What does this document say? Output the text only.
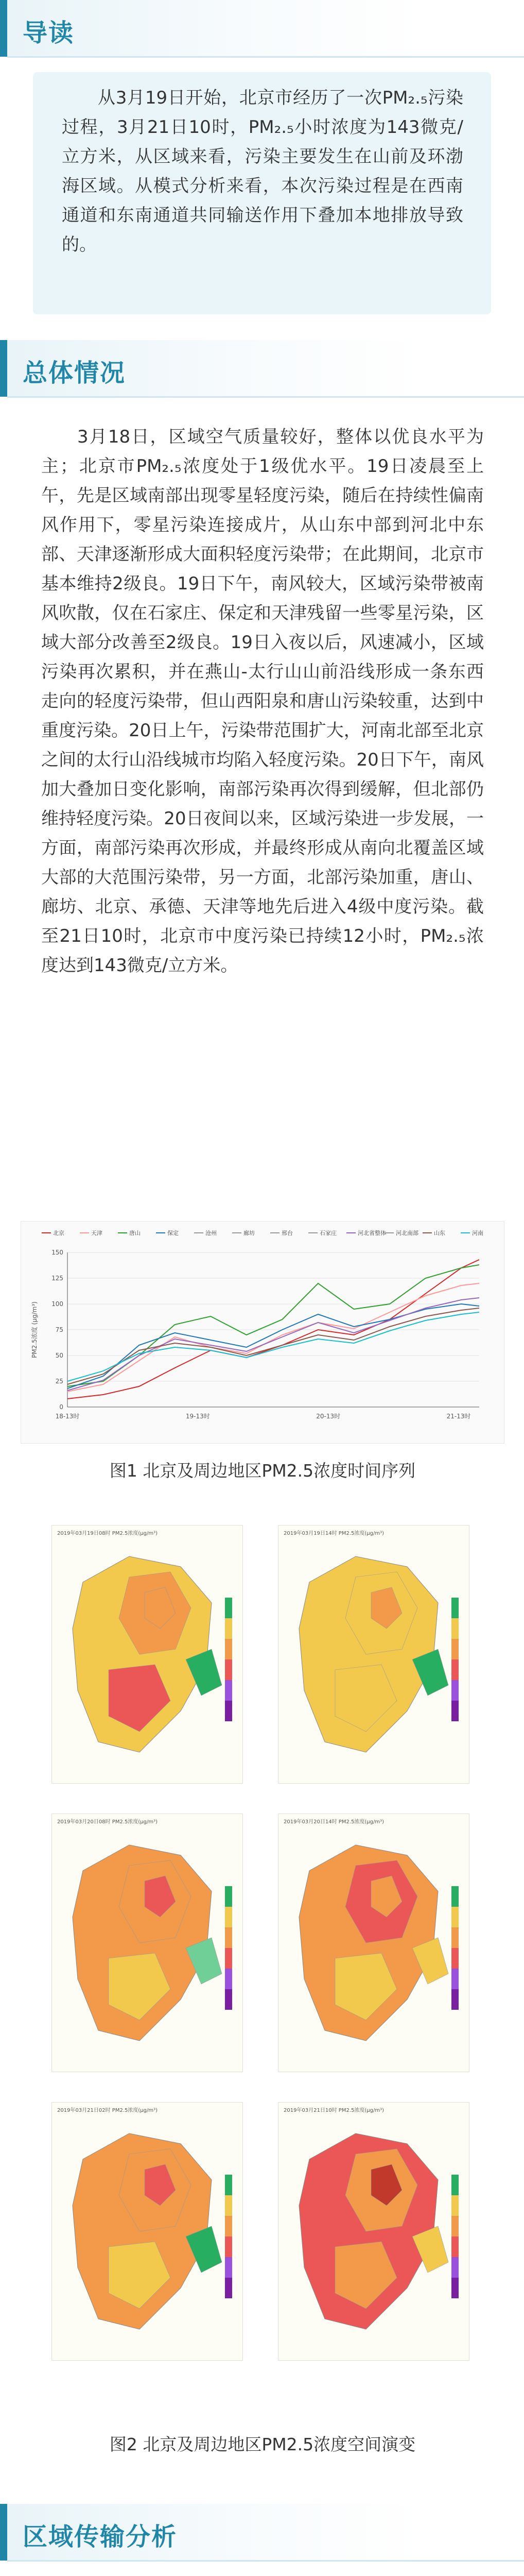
导读
从3月19日开始，北京市经历了一次PM₂.₅污染过程，3月21日10时，PM₂.₅小时浓度为143微克/立方米，从区域来看，污染主要发生在山前及环渤海区域。从模式分析来看，本次污染过程是在西南通道和东南通道共同输送作用下叠加本地排放导致的。
总体情况
3月18日，区域空气质量较好，整体以优良水平为主；北京市PM₂.₅浓度处于1级优水平。19日凌晨至上午，先是区域南部出现零星轻度污染，随后在持续性偏南风作用下，零星污染连接成片，从山东中部到河北中东部、天津逐渐形成大面积轻度污染带；在此期间，北京市基本维持2级良。19日下午，南风较大，区域污染带被南风吹散，仅在石家庄、保定和天津残留一些零星污染，区域大部分改善至2级良。19日入夜以后，风速减小，区域污染再次累积，并在燕山-太行山山前沿线形成一条东西走向的轻度污染带，但山西阳泉和唐山污染较重，达到中重度污染。20日上午，污染带范围扩大，河南北部至北京之间的太行山沿线城市均陷入轻度污染。20日下午，南风加大叠加日变化影响，南部污染再次得到缓解，但北部仍维持轻度污染。20日夜间以来，区域污染进一步发展，一方面，南部污染再次形成，并最终形成从南向北覆盖区域大部的大范围污染带，另一方面，北部污染加重，唐山、廊坊、北京、承德、天津等地先后进入4级中度污染。截至21日10时，北京市中度污染已持续12小时，PM₂.₅浓度达到143微克/立方米。
北京	天津	唐山	保定	沧州	廊坊	邢台	石家庄	河北省整体 河北南部	山东	河南
0
25
50
75
100
125
150
PM2.5浓度 (μg/m³)
18-13时	19-13时	20-13时	21-13时
图1 北京及周边地区PM2.5浓度时间序列
2019年03月19日08时 PM2.5浓度(μg/m³)	2019年03月19日14时 PM2.5浓度(μg/m³)
2019年03月20日08时 PM2.5浓度(μg/m³)	2019年03月20日14时 PM2.5浓度(μg/m³)
2019年03月21日02时 PM2.5浓度(μg/m³)	2019年03月21日10时 PM2.5浓度(μg/m³)
图2 北京及周边地区PM2.5浓度空间演变
区域传输分析
